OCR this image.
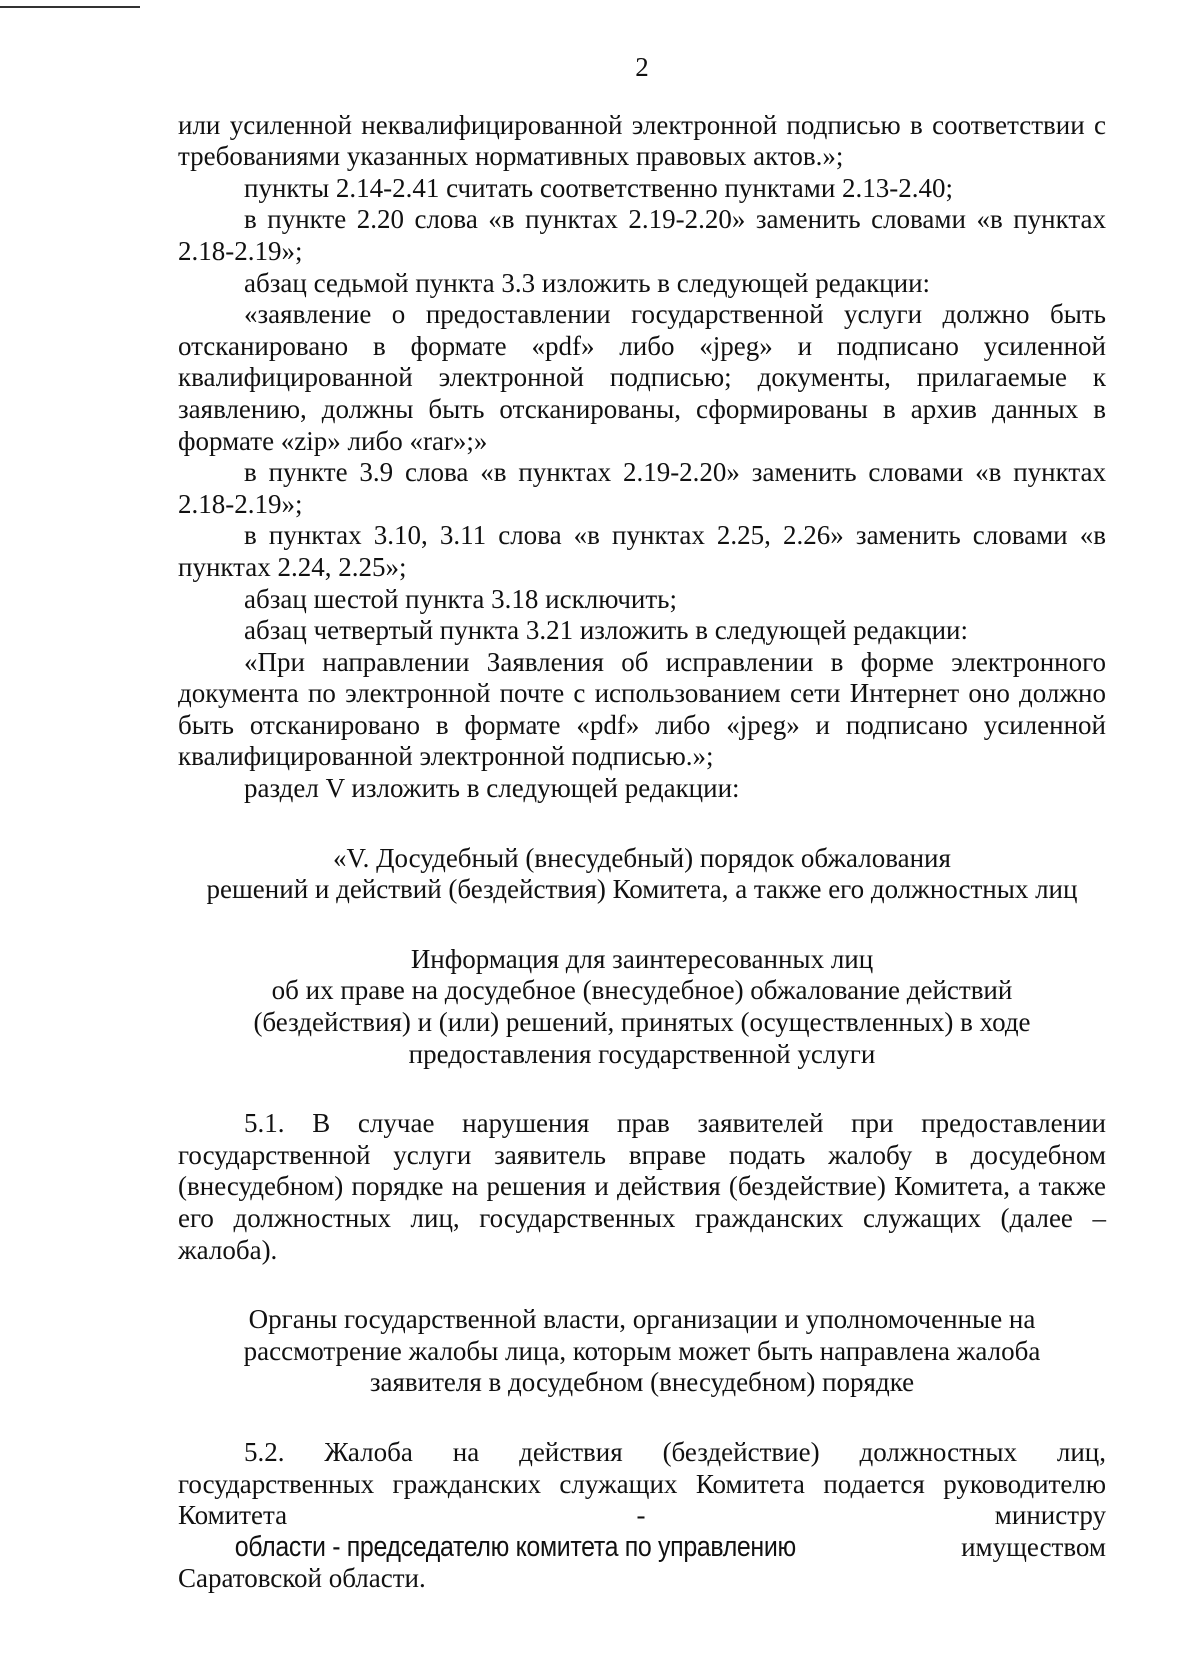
2

или усиленной неквалифицированной электронной подписью в соответствии с требованиями указанных нормативных правовых актов.»;

пункты 2.14-2.41 считать соответственно пунктами 2.13-2.40;

в пункте 2.20 слова «в пунктах 2.19-2.20» заменить словами «в пунктах 2.18-2.19»;

абзац седьмой пункта 3.3 изложить в следующей редакции:

«заявление о предоставлении государственной услуги должно быть отсканировано в формате «pdf» либо «jpeg» и подписано усиленной квалифицированной электронной подписью; документы, прилагаемые к заявлению, должны быть отсканированы, сформированы в архив данных в формате «zip» либо «rar»;»

в пункте 3.9 слова «в пунктах 2.19-2.20» заменить словами «в пунктах 2.18-2.19»;

в пунктах 3.10, 3.11 слова «в пунктах 2.25, 2.26» заменить словами «в пунктах 2.24, 2.25»;

абзац шестой пункта 3.18 исключить;

абзац четвертый пункта 3.21 изложить в следующей редакции:

«При направлении Заявления об исправлении в форме электронного документа по электронной почте с использованием сети Интернет оно должно быть отсканировано в формате «pdf» либо «jpeg» и подписано усиленной квалифицированной электронной подписью.»;

раздел V изложить в следующей редакции:

«V. Досудебный (внесудебный) порядок обжалования
решений и действий (бездействия) Комитета, а также его должностных лиц
Информация для заинтересованных лиц
об их праве на досудебное (внесудебное) обжалование действий
(бездействия) и (или) решений, принятых (осуществленных) в ходе
предоставления государственной услуги

5.1. В случае нарушения прав заявителей при предоставлении государственной услуги заявитель вправе подать жалобу в досудебном (внесудебном) порядке на решения и действия (бездействие) Комитета, а также его должностных лиц, государственных гражданских служащих (далее – жалоба).

Органы государственной власти, организации и уполномоченные на
рассмотрение жалобы лица, которым может быть направлена жалоба
заявителя в досудебном (внесудебном) порядке

5.2. Жалоба на действия (бездействие) должностных лиц, государственных гражданских служащих Комитета подается руководителю Комитета - министру области - председателю комитета по управлению	имуществом Саратовской области.
